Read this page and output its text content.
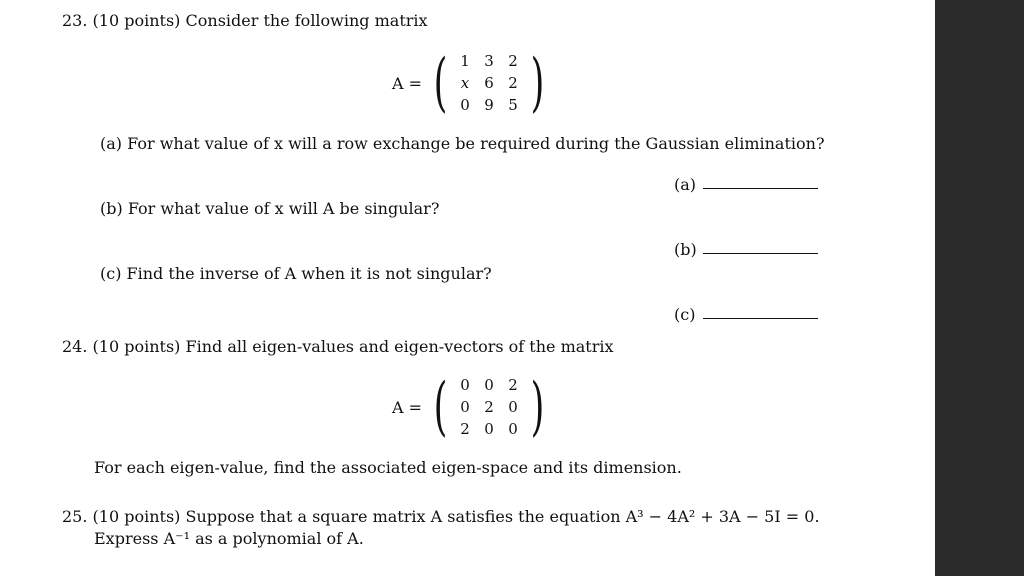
23. (10 points) Consider the following matrix
A = ( 1 3 2
x 6 2
0 9 5 )
(a) For what value of x will a row exchange be required during the Gaussian elimination?
(a)
(b) For what value of x will A be singular?
(b)
(c) Find the inverse of A when it is not singular?
(c)
24. (10 points) Find all eigen-values and eigen-vectors of the matrix
A = ( 0 0 2
0 2 0
2 0 0 )
For each eigen-value, find the associated eigen-space and its dimension.
25. (10 points) Suppose that a square matrix A satisfies the equation A³ − 4A² + 3A − 5I = 0.
Express A⁻¹ as a polynomial of A.
